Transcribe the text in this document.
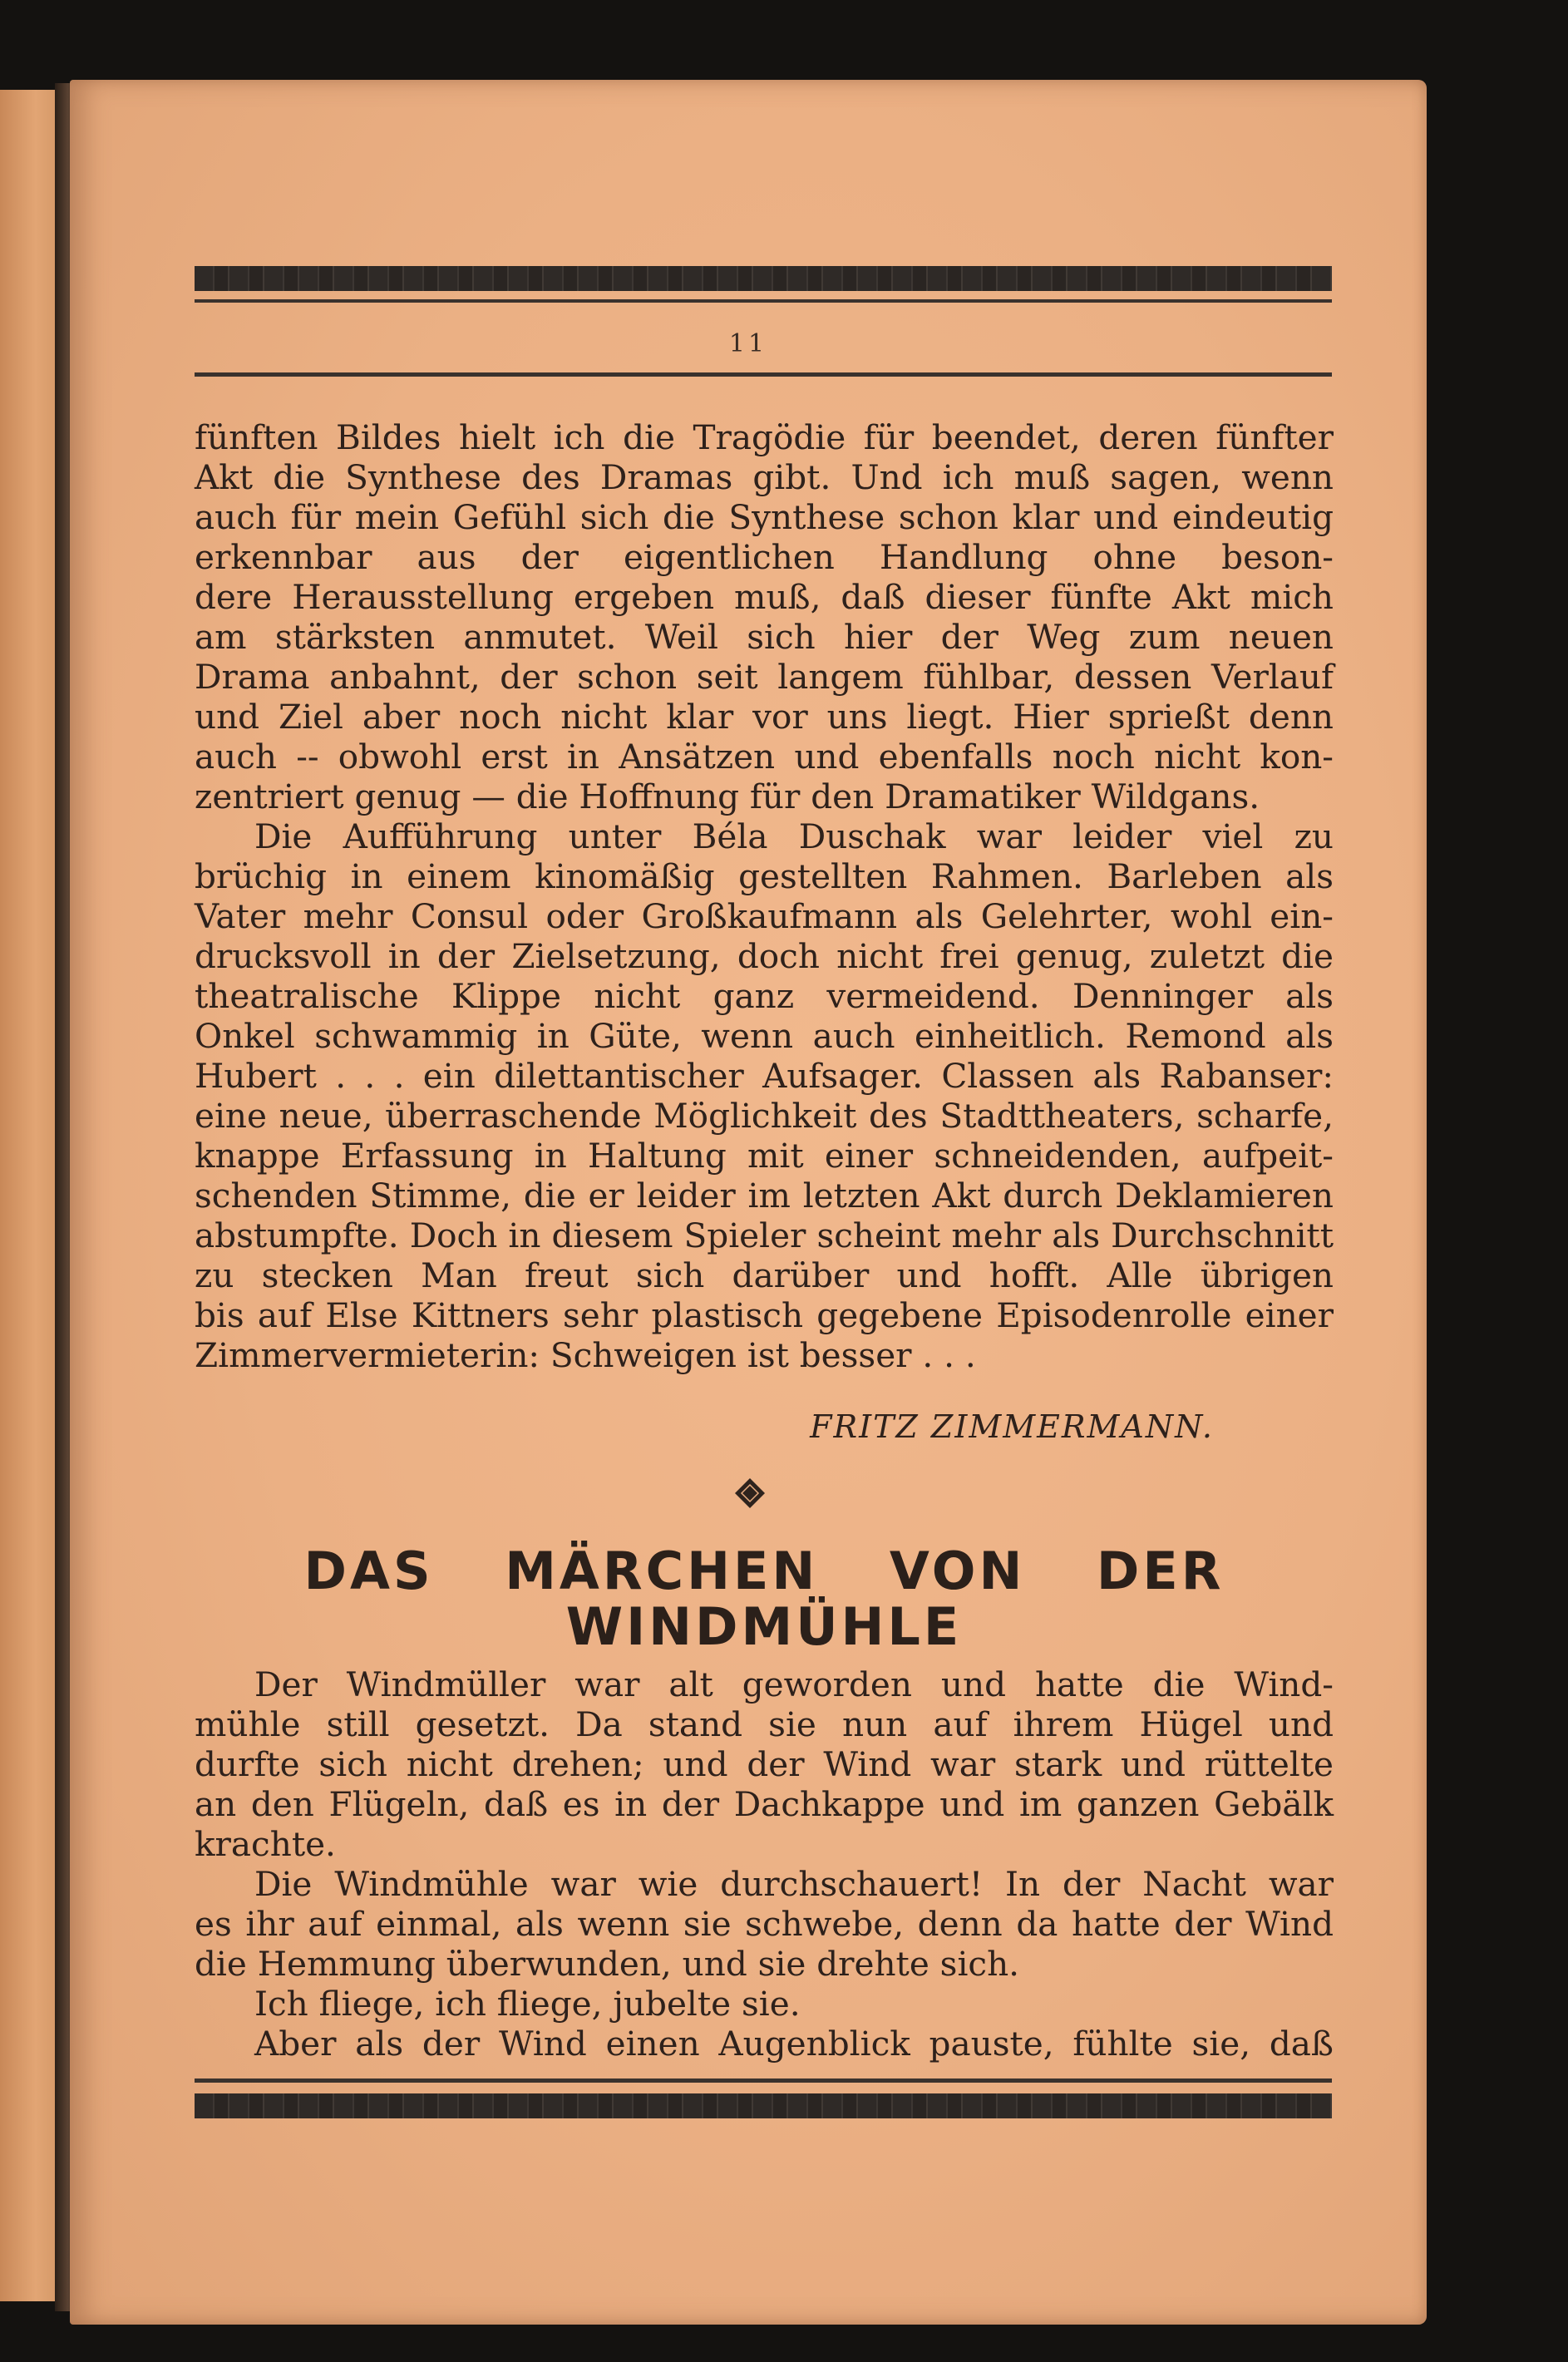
11
fünften Bildes hielt ich die Tragödie für beendet, deren fünfter
Akt die Synthese des Dramas gibt. Und ich muß sagen, wenn
auch für mein Gefühl sich die Synthese schon klar und eindeutig
erkennbar aus der eigentlichen Handlung ohne beson-
dere Herausstellung ergeben muß, daß dieser fünfte Akt mich
am stärksten anmutet. Weil sich hier der Weg zum neuen
Drama anbahnt, der schon seit langem fühlbar, dessen Verlauf
und Ziel aber noch nicht klar vor uns liegt. Hier sprießt denn
auch -- obwohl erst in Ansätzen und ebenfalls noch nicht kon-
zentriert genug — die Hoffnung für den Dramatiker Wildgans.
Die Aufführung unter Béla Duschak war leider viel zu
brüchig in einem kinomäßig gestellten Rahmen. Barleben als
Vater mehr Consul oder Großkaufmann als Gelehrter, wohl ein-
drucksvoll in der Zielsetzung, doch nicht frei genug, zuletzt die
theatralische Klippe nicht ganz vermeidend. Denninger als
Onkel schwammig in Güte, wenn auch einheitlich. Remond als
Hubert . . . ein dilettantischer Aufsager. Classen als Rabanser:
eine neue, überraschende Möglichkeit des Stadttheaters, scharfe,
knappe Erfassung in Haltung mit einer schneidenden, aufpeit-
schenden Stimme, die er leider im letzten Akt durch Deklamieren
abstumpfte. Doch in diesem Spieler scheint mehr als Durchschnitt
zu stecken Man freut sich darüber und hofft. Alle übrigen
bis auf Else Kittners sehr plastisch gegebene Episodenrolle einer
Zimmervermieterin: Schweigen ist besser . . .
FRITZ ZIMMERMANN.
DAS MÄRCHEN VON DER
WINDMÜHLE
Der Windmüller war alt geworden und hatte die Wind-
mühle still gesetzt. Da stand sie nun auf ihrem Hügel und
durfte sich nicht drehen; und der Wind war stark und rüttelte
an den Flügeln, daß es in der Dachkappe und im ganzen Gebälk
krachte.
Die Windmühle war wie durchschauert! In der Nacht war
es ihr auf einmal, als wenn sie schwebe, denn da hatte der Wind
die Hemmung überwunden, und sie drehte sich.
Ich fliege, ich fliege, jubelte sie.
Aber als der Wind einen Augenblick pauste, fühlte sie, daß
